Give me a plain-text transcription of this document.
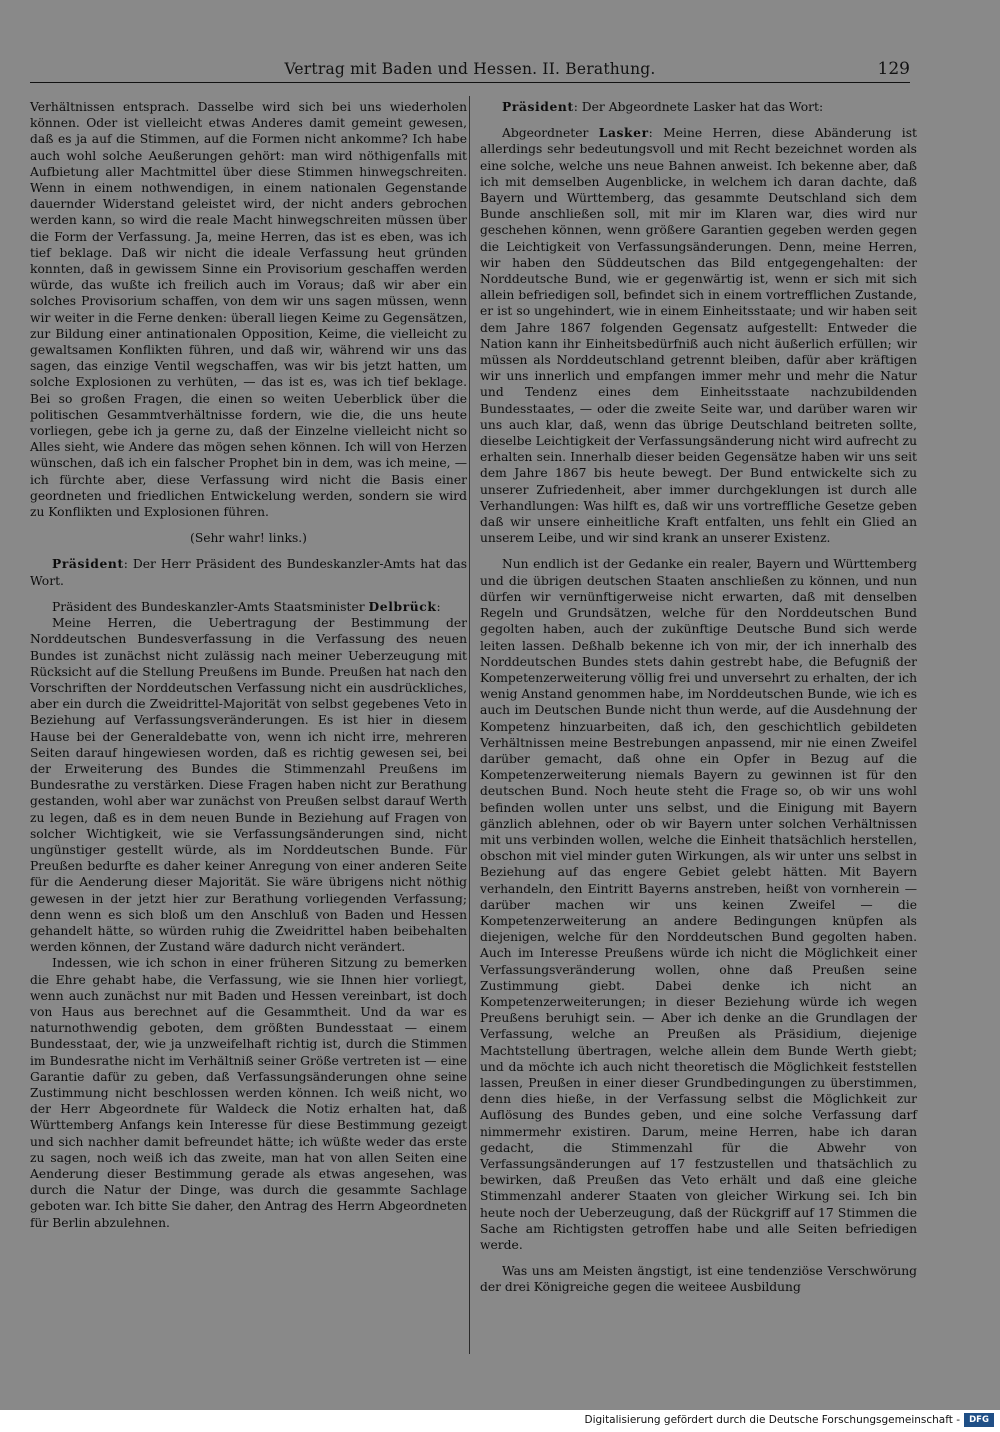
Vertrag mit Baden und Hessen. II. Berathung.	129

Verhältnissen entsprach. Dasselbe wird sich bei uns wiederholen können. Oder ist vielleicht etwas Anderes damit gemeint gewesen, daß es ja auf die Stimmen, auf die Formen nicht ankomme? Ich habe auch wohl solche Aeußerungen gehört: man wird nöthigenfalls mit Aufbietung aller Machtmittel über diese Stimmen hinwegschreiten. Wenn in einem nothwendigen, in einem nationalen Gegenstande dauernder Widerstand geleistet wird, der nicht anders gebrochen werden kann, so wird die reale Macht hinwegschreiten müssen über die Form der Verfassung. Ja, meine Herren, das ist es eben, was ich tief beklage. Daß wir nicht die ideale Verfassung heut gründen konnten, daß in gewissem Sinne ein Provisorium geschaffen werden würde, das wußte ich freilich auch im Voraus; daß wir aber ein solches Provisorium schaffen, von dem wir uns sagen müssen, wenn wir weiter in die Ferne denken: überall liegen Keime zu Gegensätzen, zur Bildung einer antinationalen Opposition, Keime, die vielleicht zu gewaltsamen Konflikten führen, und daß wir, während wir uns das sagen, das einzige Ventil wegschaffen, was wir bis jetzt hatten, um solche Explosionen zu verhüten, — das ist es, was ich tief beklage. Bei so großen Fragen, die einen so weiten Ueberblick über die politischen Gesammtverhältnisse fordern, wie die, die uns heute vorliegen, gebe ich ja gerne zu, daß der Einzelne vielleicht nicht so Alles sieht, wie Andere das mögen sehen können. Ich will von Herzen wünschen, daß ich ein falscher Prophet bin in dem, was ich meine, — ich fürchte aber, diese Verfassung wird nicht die Basis einer geordneten und friedlichen Entwickelung werden, sondern sie wird zu Konflikten und Explosionen führen.

(Sehr wahr! links.)

Präsident: Der Herr Präsident des Bundeskanzler-Amts hat das Wort.

Präsident des Bundeskanzler-Amts Staatsminister Delbrück:

Meine Herren, die Uebertragung der Bestimmung der Norddeutschen Bundesverfassung in die Verfassung des neuen Bundes ist zunächst nicht zulässig nach meiner Ueberzeugung mit Rücksicht auf die Stellung Preußens im Bunde. Preußen hat nach den Vorschriften der Norddeutschen Verfassung nicht ein ausdrückliches, aber ein durch die Zweidrittel-Majorität von selbst gegebenes Veto in Beziehung auf Verfassungsveränderungen. Es ist hier in diesem Hause bei der Generaldebatte von, wenn ich nicht irre, mehreren Seiten darauf hingewiesen worden, daß es richtig gewesen sei, bei der Erweiterung des Bundes die Stimmenzahl Preußens im Bundesrathe zu verstärken. Diese Fragen haben nicht zur Berathung gestanden, wohl aber war zunächst von Preußen selbst darauf Werth zu legen, daß es in dem neuen Bunde in Beziehung auf Fragen von solcher Wichtigkeit, wie sie Verfassungsänderungen sind, nicht ungünstiger gestellt würde, als im Norddeutschen Bunde. Für Preußen bedurfte es daher keiner Anregung von einer anderen Seite für die Aenderung dieser Majorität. Sie wäre übrigens nicht nöthig gewesen in der jetzt hier zur Berathung vorliegenden Verfassung; denn wenn es sich bloß um den Anschluß von Baden und Hessen gehandelt hätte, so würden ruhig die Zweidrittel haben beibehalten werden können, der Zustand wäre dadurch nicht verändert.

Indessen, wie ich schon in einer früheren Sitzung zu bemerken die Ehre gehabt habe, die Verfassung, wie sie Ihnen hier vorliegt, wenn auch zunächst nur mit Baden und Hessen vereinbart, ist doch von Haus aus berechnet auf die Gesammtheit. Und da war es naturnothwendig geboten, dem größten Bundesstaat — einem Bundesstaat, der, wie ja unzweifelhaft richtig ist, durch die Stimmen im Bundesrathe nicht im Verhältniß seiner Größe vertreten ist — eine Garantie dafür zu geben, daß Verfassungsänderungen ohne seine Zustimmung nicht beschlossen werden können. Ich weiß nicht, wo der Herr Abgeordnete für Waldeck die Notiz erhalten hat, daß Württemberg Anfangs kein Interesse für diese Bestimmung gezeigt und sich nachher damit befreundet hätte; ich wüßte weder das erste zu sagen, noch weiß ich das zweite, man hat von allen Seiten eine Aenderung dieser Bestimmung gerade als etwas angesehen, was durch die Natur der Dinge, was durch die gesammte Sachlage geboten war. Ich bitte Sie daher, den Antrag des Herrn Abgeordneten für Berlin abzulehnen.

Präsident: Der Abgeordnete Lasker hat das Wort:

Abgeordneter Lasker: Meine Herren, diese Abänderung ist allerdings sehr bedeutungsvoll und mit Recht bezeichnet worden als eine solche, welche uns neue Bahnen anweist. Ich bekenne aber, daß ich mit demselben Augenblicke, in welchem ich daran dachte, daß Bayern und Württemberg, das gesammte Deutschland sich dem Bunde anschließen soll, mit mir im Klaren war, dies wird nur geschehen können, wenn größere Garantien gegeben werden gegen die Leichtigkeit von Verfassungsänderungen. Denn, meine Herren, wir haben den Süddeutschen das Bild entgegengehalten: der Norddeutsche Bund, wie er gegenwärtig ist, wenn er sich mit sich allein befriedigen soll, befindet sich in einem vortrefflichen Zustande, er ist so ungehindert, wie in einem Einheitsstaate; und wir haben seit dem Jahre 1867 folgenden Gegensatz aufgestellt: Entweder die Nation kann ihr Einheitsbedürfniß auch nicht äußerlich erfüllen; wir müssen als Norddeutschland getrennt bleiben, dafür aber kräftigen wir uns innerlich und empfangen immer mehr und mehr die Natur und Tendenz eines dem Einheitsstaate nachzubildenden Bundesstaates, — oder die zweite Seite war, und darüber waren wir uns auch klar, daß, wenn das übrige Deutschland beitreten sollte, dieselbe Leichtigkeit der Verfassungsänderung nicht wird aufrecht zu erhalten sein. Innerhalb dieser beiden Gegensätze haben wir uns seit dem Jahre 1867 bis heute bewegt. Der Bund entwickelte sich zu unserer Zufriedenheit, aber immer durchgeklungen ist durch alle Verhandlungen: Was hilft es, daß wir uns vortreffliche Gesetze geben daß wir unsere einheitliche Kraft entfalten, uns fehlt ein Glied an unserem Leibe, und wir sind krank an unserer Existenz.

Nun endlich ist der Gedanke ein realer, Bayern und Württemberg und die übrigen deutschen Staaten anschließen zu können, und nun dürfen wir vernünftigerweise nicht erwarten, daß mit denselben Regeln und Grundsätzen, welche für den Norddeutschen Bund gegolten haben, auch der zukünftige Deutsche Bund sich werde leiten lassen. Deßhalb bekenne ich von mir, der ich innerhalb des Norddeutschen Bundes stets dahin gestrebt habe, die Befugniß der Kompetenzerweiterung völlig frei und unversehrt zu erhalten, der ich wenig Anstand genommen habe, im Norddeutschen Bunde, wie ich es auch im Deutschen Bunde nicht thun werde, auf die Ausdehnung der Kompetenz hinzuarbeiten, daß ich, den geschichtlich gebildeten Verhältnissen meine Bestrebungen anpassend, mir nie einen Zweifel darüber gemacht, daß ohne ein Opfer in Bezug auf die Kompetenzerweiterung niemals Bayern zu gewinnen ist für den deutschen Bund. Noch heute steht die Frage so, ob wir uns wohl befinden wollen unter uns selbst, und die Einigung mit Bayern gänzlich ablehnen, oder ob wir Bayern unter solchen Verhältnissen mit uns verbinden wollen, welche die Einheit thatsächlich herstellen, obschon mit viel minder guten Wirkungen, als wir unter uns selbst in Beziehung auf das engere Gebiet gelebt hätten. Mit Bayern verhandeln, den Eintritt Bayerns anstreben, heißt von vornherein — darüber machen wir uns keinen Zweifel — die Kompetenzerweiterung an andere Bedingungen knüpfen als diejenigen, welche für den Norddeutschen Bund gegolten haben. Auch im Interesse Preußens würde ich nicht die Möglichkeit einer Verfassungsveränderung wollen, ohne daß Preußen seine Zustimmung giebt. Dabei denke ich nicht an Kompetenzerweiterungen; in dieser Beziehung würde ich wegen Preußens beruhigt sein. — Aber ich denke an die Grundlagen der Verfassung, welche an Preußen als Präsidium, diejenige Machtstellung übertragen, welche allein dem Bunde Werth giebt; und da möchte ich auch nicht theoretisch die Möglichkeit feststellen lassen, Preußen in einer dieser Grundbedingungen zu überstimmen, denn dies hieße, in der Verfassung selbst die Möglichkeit zur Auflösung des Bundes geben, und eine solche Verfassung darf nimmermehr existiren. Darum, meine Herren, habe ich daran gedacht, die Stimmenzahl für die Abwehr von Verfassungsänderungen auf 17 festzustellen und thatsächlich zu bewirken, daß Preußen das Veto erhält und daß eine gleiche Stimmenzahl anderer Staaten von gleicher Wirkung sei. Ich bin heute noch der Ueberzeugung, daß der Rückgriff auf 17 Stimmen die Sache am Richtigsten getroffen habe und alle Seiten befriedigen werde.

Was uns am Meisten ängstigt, ist eine tendenziöse Verschwörung der drei Königreiche gegen die weiteee Ausbildung

Digitalisierung gefördert durch die Deutsche Forschungsgemeinschaft -	DFG
